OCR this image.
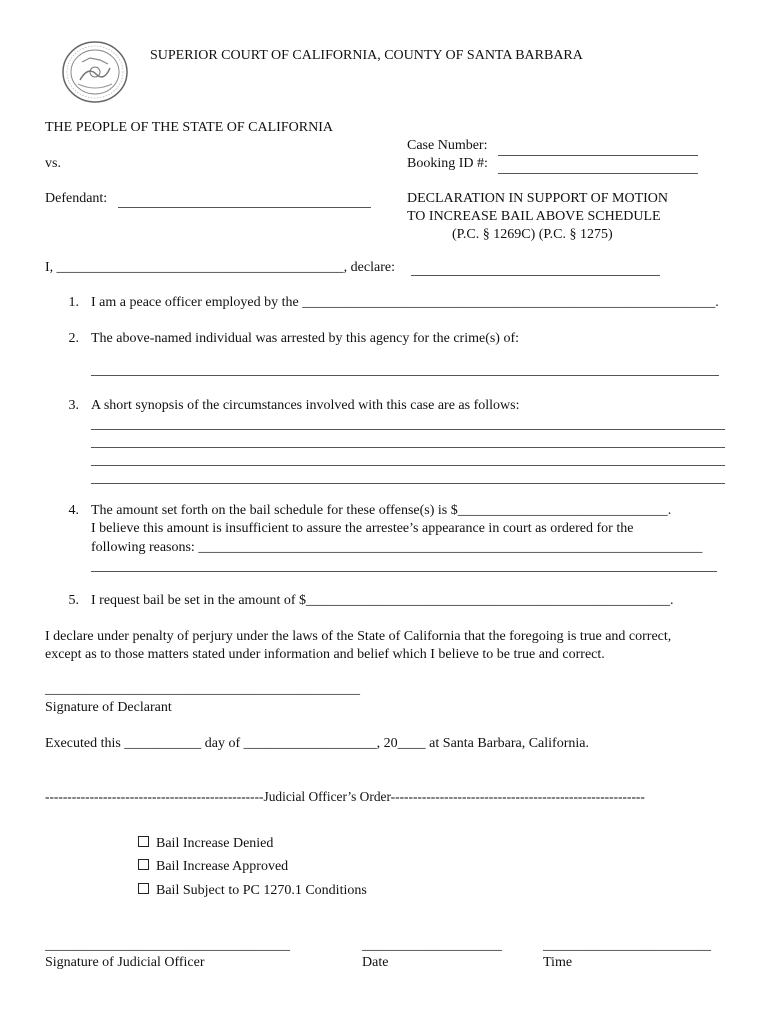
SUPERIOR COURT OF CALIFORNIA, COUNTY OF SANTA BARBARA
THE PEOPLE OF THE STATE OF CALIFORNIA
vs.
Case Number:
Booking ID #:
Defendant:	DECLARATION IN SUPPORT OF MOTION
TO INCREASE BAIL ABOVE SCHEDULE
(P.C. § 1269C) (P.C. § 1275)
I, _________________________________________, declare:
1. I am a peace officer employed by the ___________________________________________________________.
2. The above-named individual was arrested by this agency for the crime(s) of:
3. A short synopsis of the circumstances involved with this case are as follows:
4. The amount set forth on the bail schedule for these offense(s) is $______________________________.
I believe this amount is insufficient to assure the arrestee’s appearance in court as ordered for the
following reasons: ________________________________________________________________________
5. I request bail be set in the amount of $____________________________________________________.
I declare under penalty of perjury under the laws of the State of California that the foregoing is true and correct,
except as to those matters stated under information and belief which I believe to be true and correct.
_____________________________________________
Signature of Declarant
Executed this ___________ day of ___________________, 20____ at Santa Barbara, California.
-------------------------------------------------Judicial Officer’s Order---------------------------------------------------------
Bail Increase Denied
Bail Increase Approved
Bail Subject to PC 1270.1 Conditions
___________________________________
Signature of Judicial Officer
____________________
Date
________________________
Time
